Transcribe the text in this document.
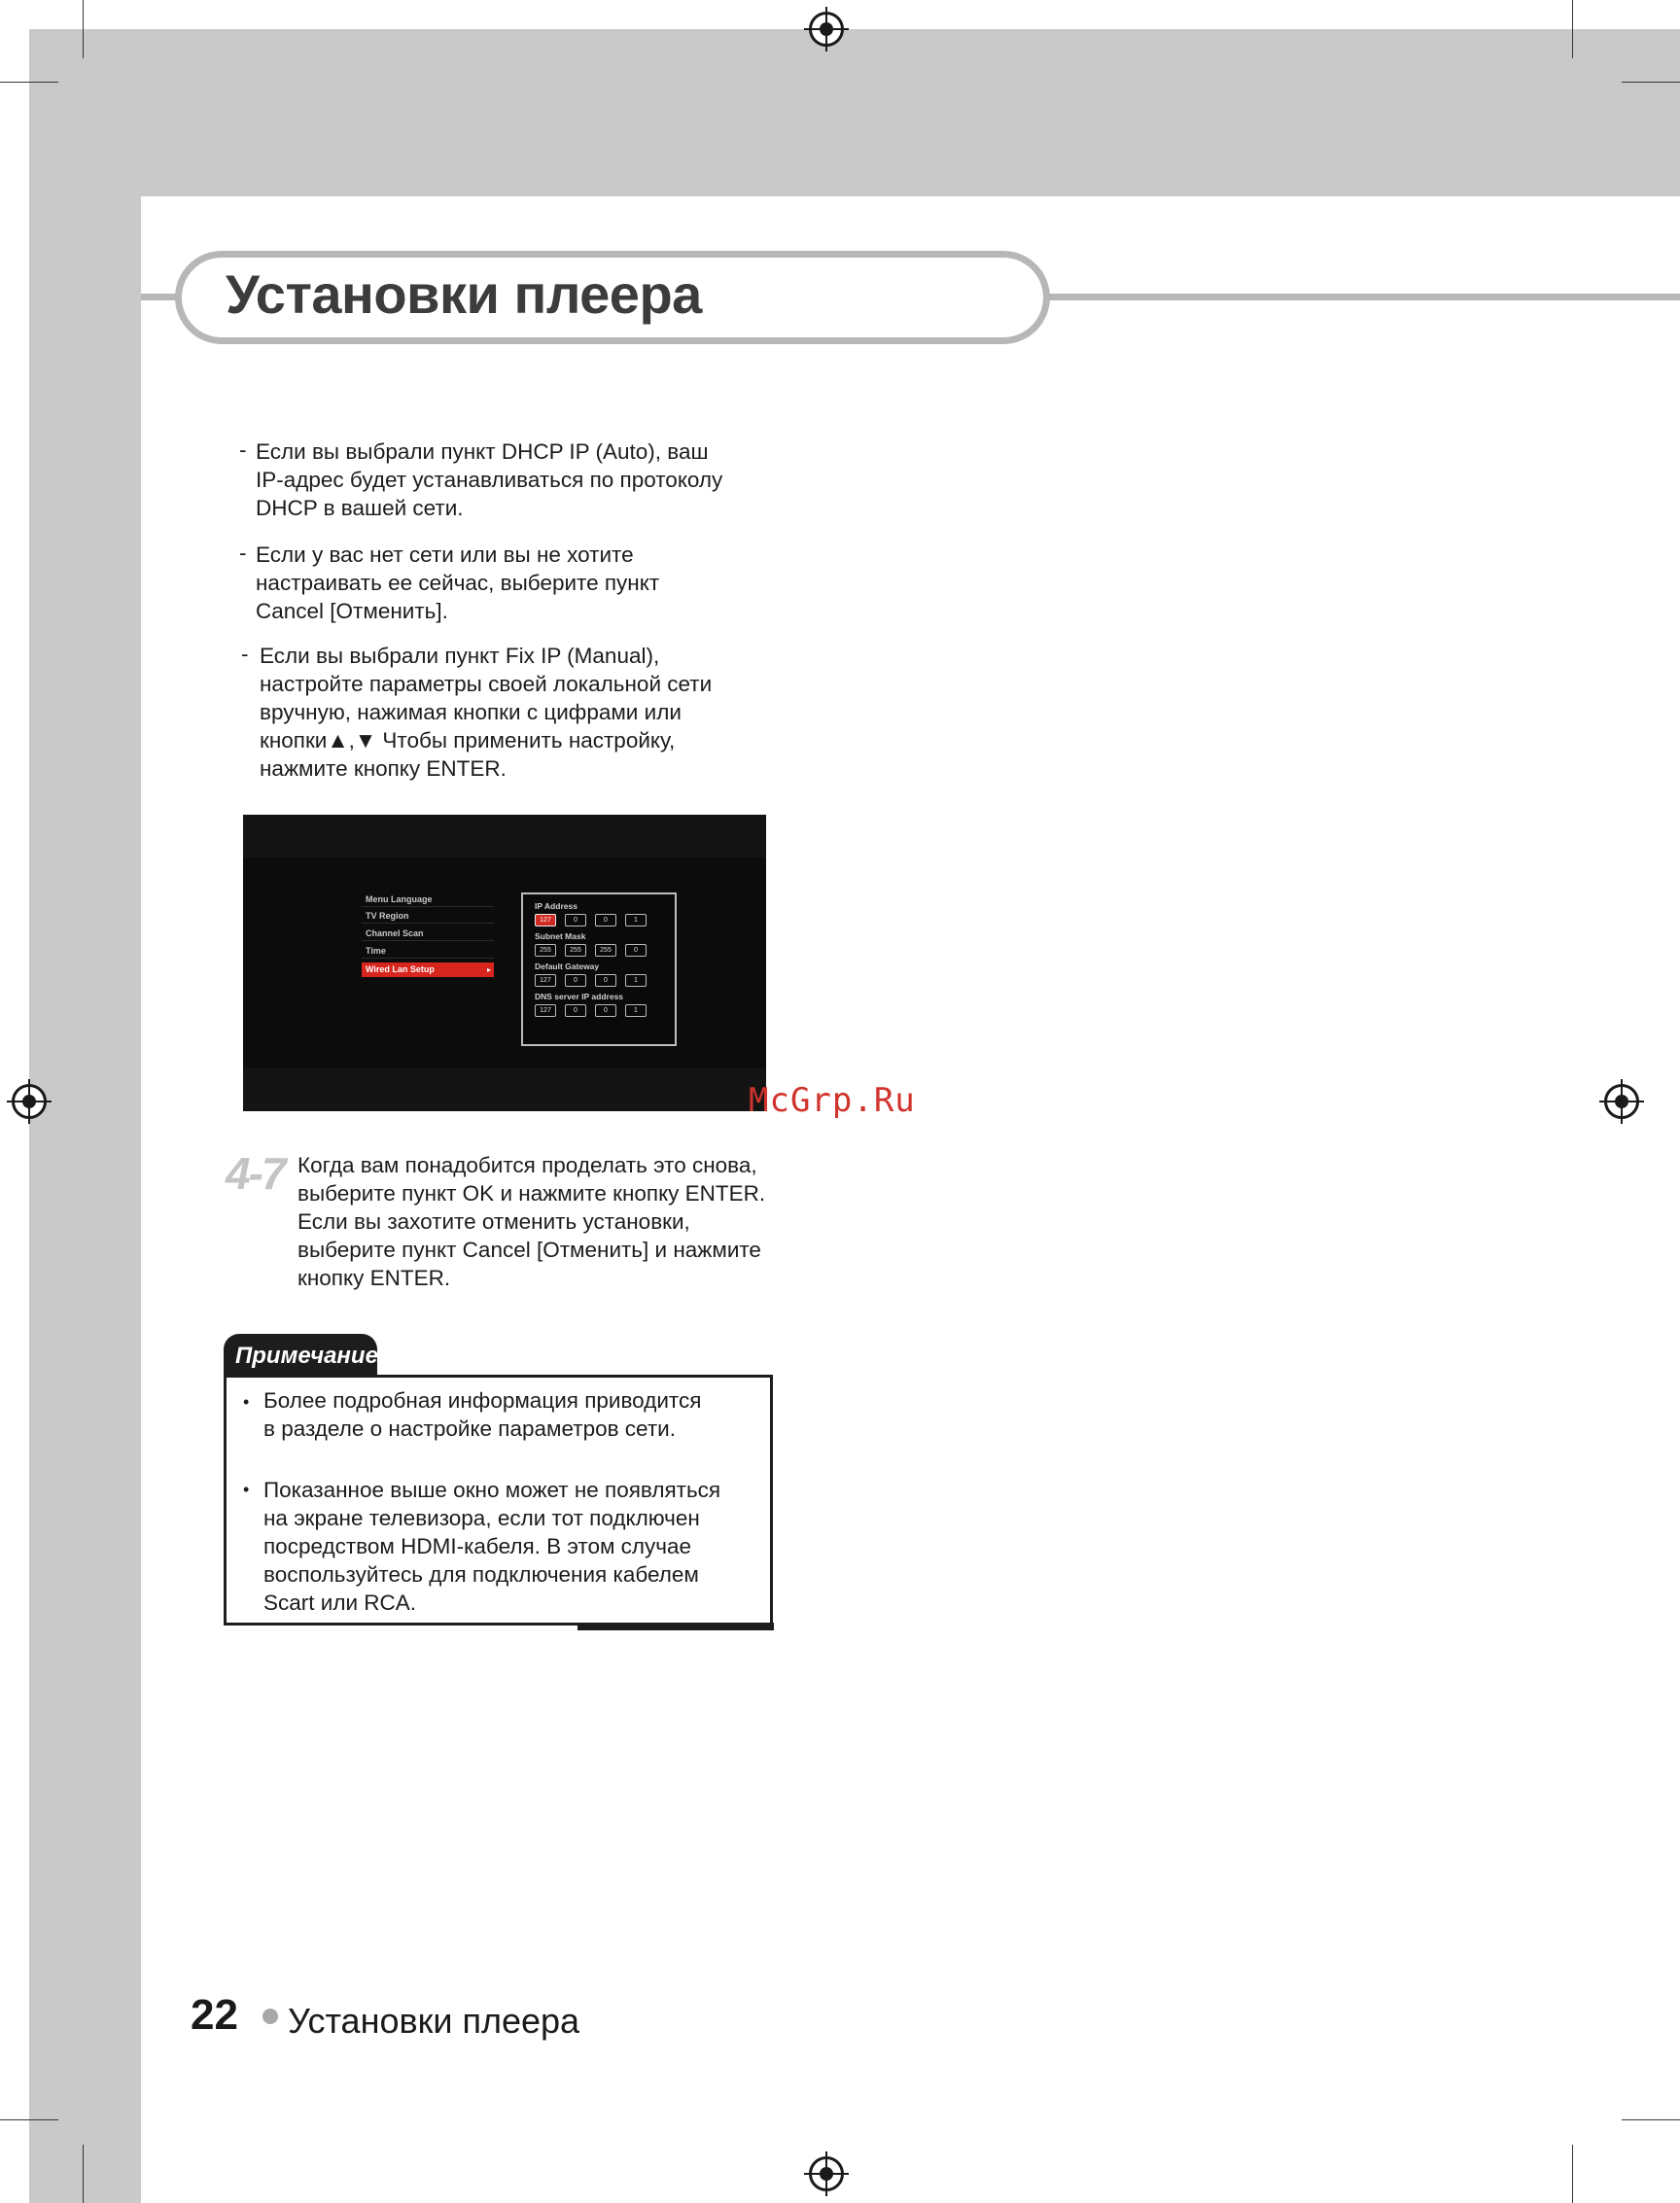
Установки плеера
- Если вы выбрали пункт DHCP IP (Auto), ваш
IP-адрес будет устанавливаться по протоколу
DHCP в вашей сети.
- Если у вас нет сети или вы не хотите
настраивать ее сейчас, выберите пункт
Cancel [Отменить].
- Если вы выбрали пункт Fix IP (Manual),
настройте параметры своей локальной сети
вручную, нажимая кнопки с цифрами или
кнопки▲,▼ Чтобы применить настройку,
нажмите кнопку ENTER.
Menu Language
TV Region
Channel Scan
Time
Wired Lan Setup	▸
IP Address
127	0	0	1
Subnet Mask
255	255	255	0
Default Gateway
127	0	0	1
DNS server IP address
127	0	0	1
McGrp.Ru
4-7 Когда вам понадобится проделать это снова,
выберите пункт OK и нажмите кнопку ENTER.
Если вы захотите отменить установки,
выберите пункт Cancel [Отменить] и нажмите
кнопку ENTER.
Примечание
• Более подробная информация приводится
в разделе о настройке параметров сети.
• Показанное выше окно может не появляться
на экране телевизора, если тот подключен
посредством HDMI-кабеля. В этом случае
воспользуйтесь для подключения кабелем
Scart или RCA.
22 Установки плеера
